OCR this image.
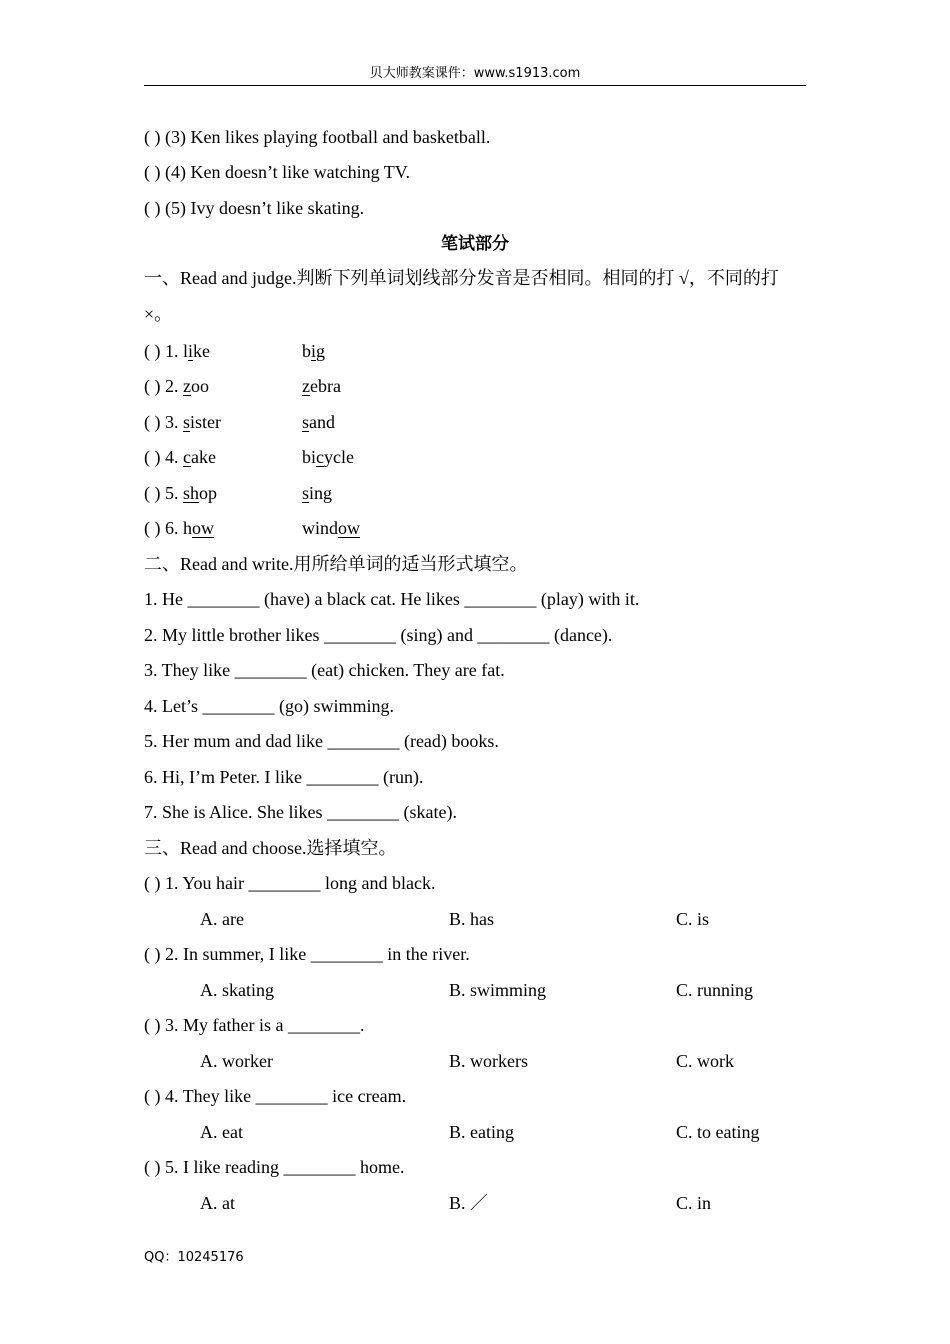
贝大师教案课件：www.s1913.com
( ) (3) Ken likes playing football and basketball.
( ) (4) Ken doesn’t like watching TV.
( ) (5) Ivy doesn’t like skating.
笔试部分
一、Read and judge.判断下列单词划线部分发音是否相同。相同的打 √，不同的打
×。
( ) 1. like	big
( ) 2. zoo	zebra
( ) 3. sister	sand
( ) 4. cake	bicycle
( ) 5. shop	sing
( ) 6. how	window
二、Read and write.用所给单词的适当形式填空。
1. He ________ (have) a black cat. He likes ________ (play) with it.
2. My little brother likes ________ (sing) and ________ (dance).
3. They like ________ (eat) chicken. They are fat.
4. Let’s ________ (go) swimming.
5. Her mum and dad like ________ (read) books.
6. Hi, I’m Peter. I like ________ (run).
7. She is Alice. She likes ________ (skate).
三、Read and choose.选择填空。
( ) 1. You hair ________ long and black.
A. are	B. has	C. is
( ) 2. In summer, I like ________ in the river.
A. skating	B. swimming	C. running
( ) 3. My father is a ________.
A. worker	B. workers	C. work
( ) 4. They like ________ ice cream.
A. eat	B. eating	C. to eating
( ) 5. I like reading ________ home.
A. at	B. ／	C. in
QQ：10245176
